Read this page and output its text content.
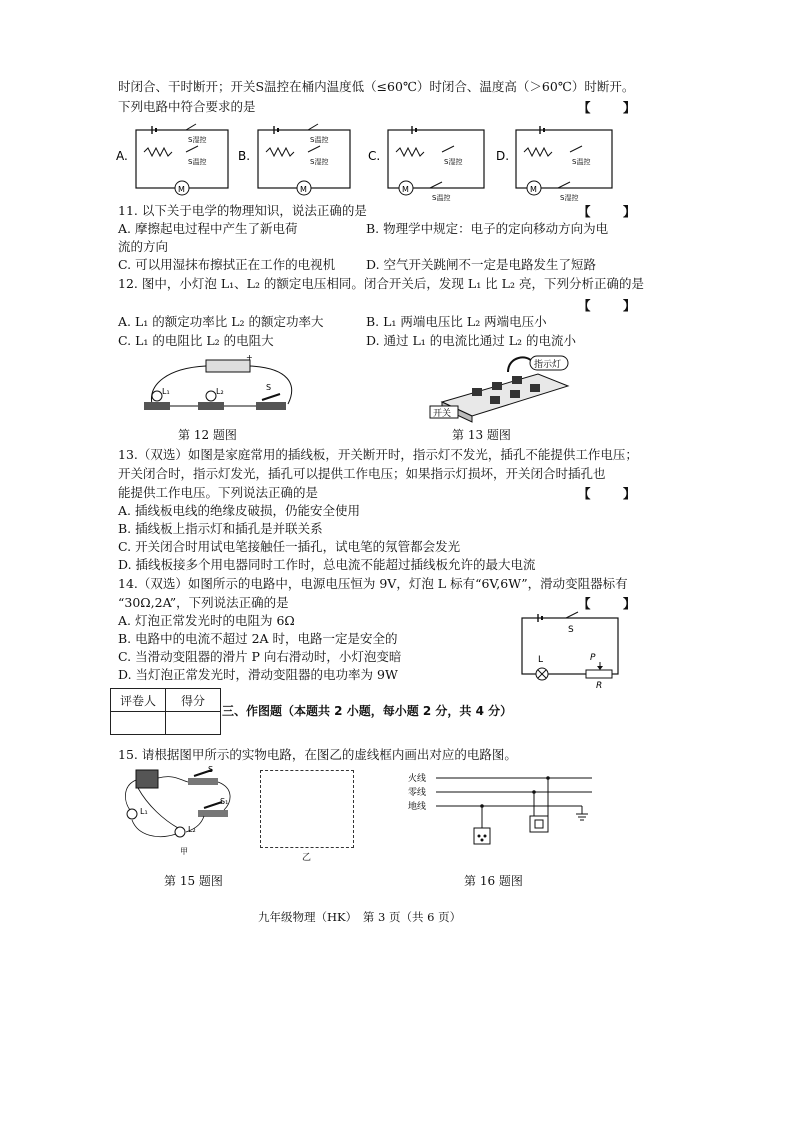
时闭合、干时断开；开关S温控在桶内温度低（≤60℃）时闭合、温度高（＞60℃）时断开。
下列电路中符合要求的是	【　】
A.
S湿控
S温控
M
B.
S温控
S湿控
M
C.	S湿控
M
S温控
D.	S温控
M
S湿控
11. 以下关于电学的物理知识，说法正确的是	【　】
A. 摩擦起电过程中产生了新电荷	B. 物理学中规定：电子的定向移动方向为电
流的方向
C. 可以用湿抹布擦拭正在工作的电视机 D. 空气开关跳闸不一定是电路发生了短路
12. 图中，小灯泡 L₁、L₂ 的额定电压相同。闭合开关后，发现 L₁ 比 L₂ 亮，下列分析正确的是
【　】
A. L₁ 的额定功率比 L₂ 的额定功率大	B. L₁ 两端电压比 L₂ 两端电压小
C. L₁ 的电阻比 L₂ 的电阻大	D. 通过 L₁ 的电流比通过 L₂ 的电流小
+
L₁	L₂	S
第 12 题图
指示灯
开关
第 13 题图
13.（双选）如图是家庭常用的插线板，开关断开时，指示灯不发光，插孔不能提供工作电压；
开关闭合时，指示灯发光，插孔可以提供工作电压；如果指示灯损坏，开关闭合时插孔也
能提供工作电压。下列说法正确的是	【　】
A. 插线板电线的绝缘皮破损，仍能安全使用
B. 插线板上指示灯和插孔是并联关系
C. 开关闭合时用试电笔接触任一插孔，试电笔的氖管都会发光
D. 插线板接多个用电器同时工作时，总电流不能超过插线板允许的最大电流
14.（双选）如图所示的电路中，电源电压恒为 9V，灯泡 L 标有“6V,6W”，滑动变阻器标有
“30Ω,2A”，下列说法正确的是	【　】
A. 灯泡正常发光时的电阻为 6Ω
B. 电路中的电流不超过 2A 时，电路一定是安全的
C. 当滑动变阻器的滑片 P 向右滑动时，小灯泡变暗
D. 当灯泡正常发光时，滑动变阻器的电功率为 9W
S
L	P
R
评卷人	得分

三、作图题（本题共 2 小题，每小题 2 分，共 4 分）
15. 请根据图甲所示的实物电路，在图乙的虚线框内画出对应的电路图。
S
L₁
L₂
S₁
甲
乙
第 15 题图
火线
零线
地线
第 16 题图
九年级物理（HK）　第 3 页（共 6 页）
